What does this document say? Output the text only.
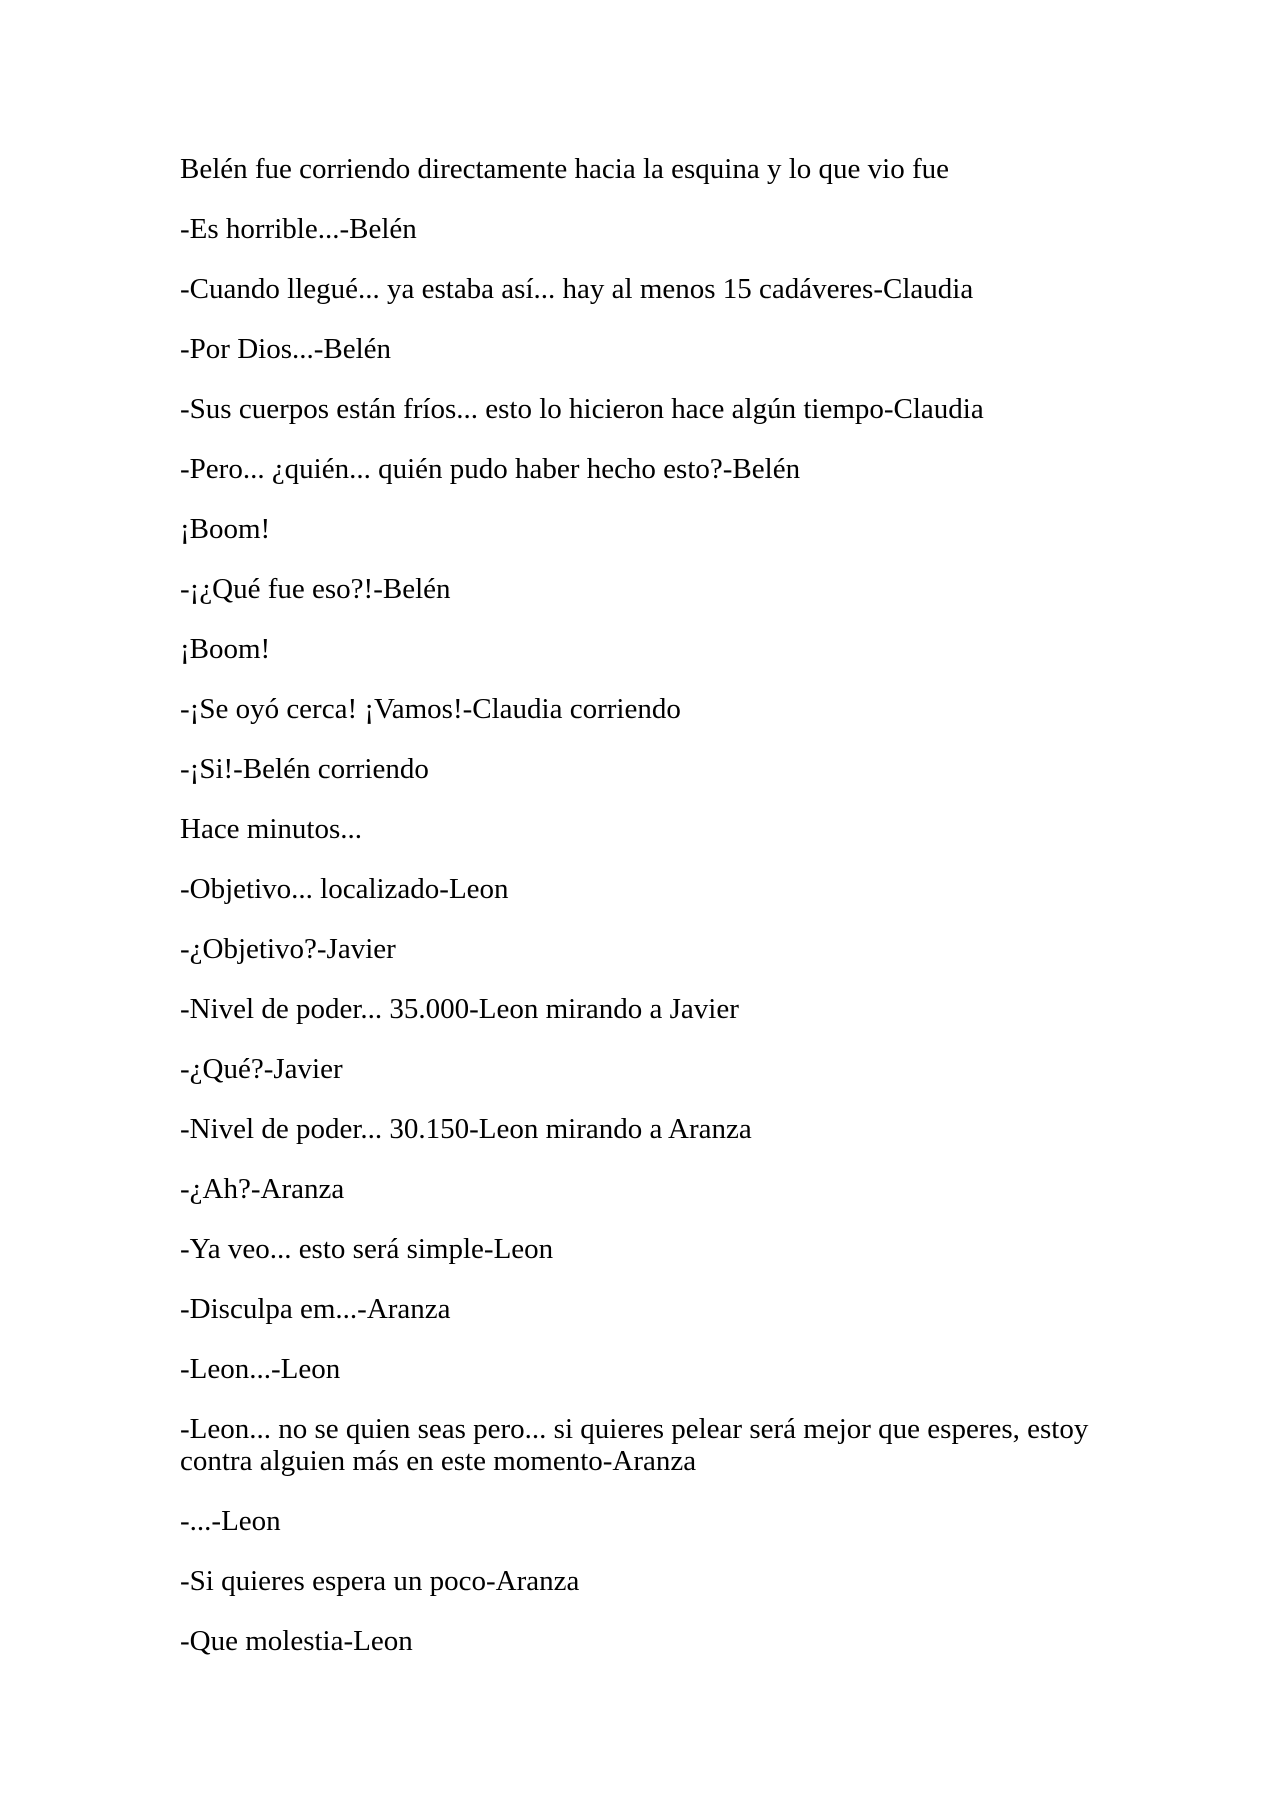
Belén fue corriendo directamente hacia la esquina y lo que vio fue

-Es horrible...-Belén

-Cuando llegué... ya estaba así... hay al menos 15 cadáveres-Claudia

-Por Dios...-Belén

-Sus cuerpos están fríos... esto lo hicieron hace algún tiempo-Claudia

-Pero... ¿quién... quién pudo haber hecho esto?-Belén

¡Boom!

-¡¿Qué fue eso?!-Belén

¡Boom!

-¡Se oyó cerca! ¡Vamos!-Claudia corriendo

-¡Si!-Belén corriendo

Hace minutos...

-Objetivo... localizado-Leon

-¿Objetivo?-Javier

-Nivel de poder... 35.000-Leon mirando a Javier

-¿Qué?-Javier

-Nivel de poder... 30.150-Leon mirando a Aranza

-¿Ah?-Aranza

-Ya veo... esto será simple-Leon

-Disculpa em...-Aranza

-Leon...-Leon

-Leon... no se quien seas pero... si quieres pelear será mejor que esperes, estoy contra alguien más en este momento-Aranza

-...-Leon

-Si quieres espera un poco-Aranza

-Que molestia-Leon
